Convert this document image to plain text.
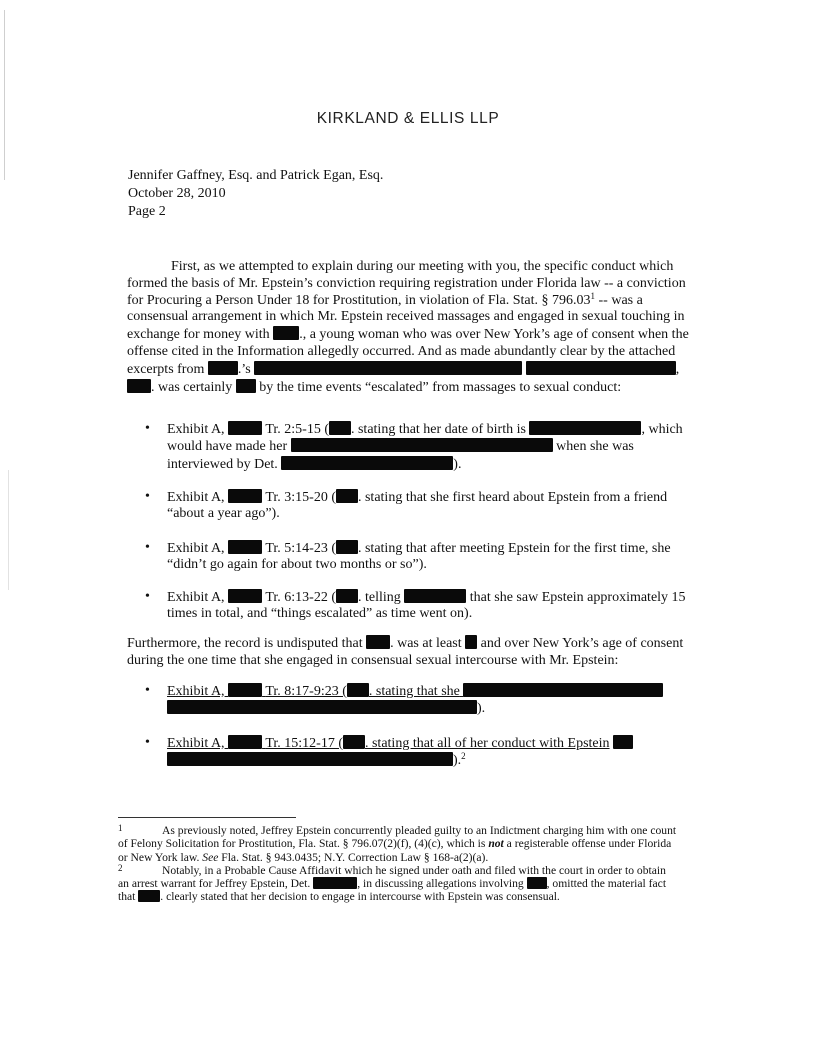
KIRKLAND & ELLIS LLP
Jennifer Gaffney, Esq. and Patrick Egan, Esq.
October 28, 2010
Page 2
First, as we attempted to explain during our meeting with you, the specific conduct which formed the basis of Mr. Epstein’s conviction requiring registration under Florida law -- a conviction for Procuring a Person Under 18 for Prostitution, in violation of Fla. Stat. § 796.03$^1$ -- was a consensual arrangement in which Mr. Epstein received massages and engaged in sexual touching in exchange for money with ., a young woman who was over New York’s age of consent when the offense cited in the Information allegedly occurred. And as made abundantly clear by the attached excerpts from .’s	, . was certainly by the time events “escalated” from massages to sexual conduct:
• Exhibit A,	Tr. 2:5-15 ( . stating that her date of birth is	, which would have made her	when she was interviewed by Det.	).
• Exhibit A,	Tr. 3:15-20 ( . stating that she first heard about Epstein from a friend “about a year ago”).
• Exhibit A,	Tr. 5:14-23 ( . stating that after meeting Epstein for the first time, she “didn’t go again for about two months or so”).
• Exhibit A,	Tr. 6:13-22 ( . telling	that she saw Epstein approximately 15 times in total, and “things escalated” as time went on).
Furthermore, the record is undisputed that . was at least and over New York’s age of consent during the one time that she engaged in consensual sexual intercourse with Mr. Epstein:
• Exhibit A,	Tr. 8:17-9:23 ( . stating that she  ).
• Exhibit A,	Tr. 15:12-17 ( . stating that all of her conduct with Epstein  ).$^2$
1	As previously noted, Jeffrey Epstein concurrently pleaded guilty to an Indictment charging him with one count of Felony Solicitation for Prostitution, Fla. Stat. § 796.07(2)(f), (4)(c), which is not a registerable offense under Florida or New York law. See Fla. Stat. § 943.0435; N.Y. Correction Law § 168-a(2)(a).
2	Notably, in a Probable Cause Affidavit which he signed under oath and filed with the court in order to obtain an arrest warrant for Jeffrey Epstein, Det.	, in discussing allegations involving , omitted the material fact that . clearly stated that her decision to engage in intercourse with Epstein was consensual.
